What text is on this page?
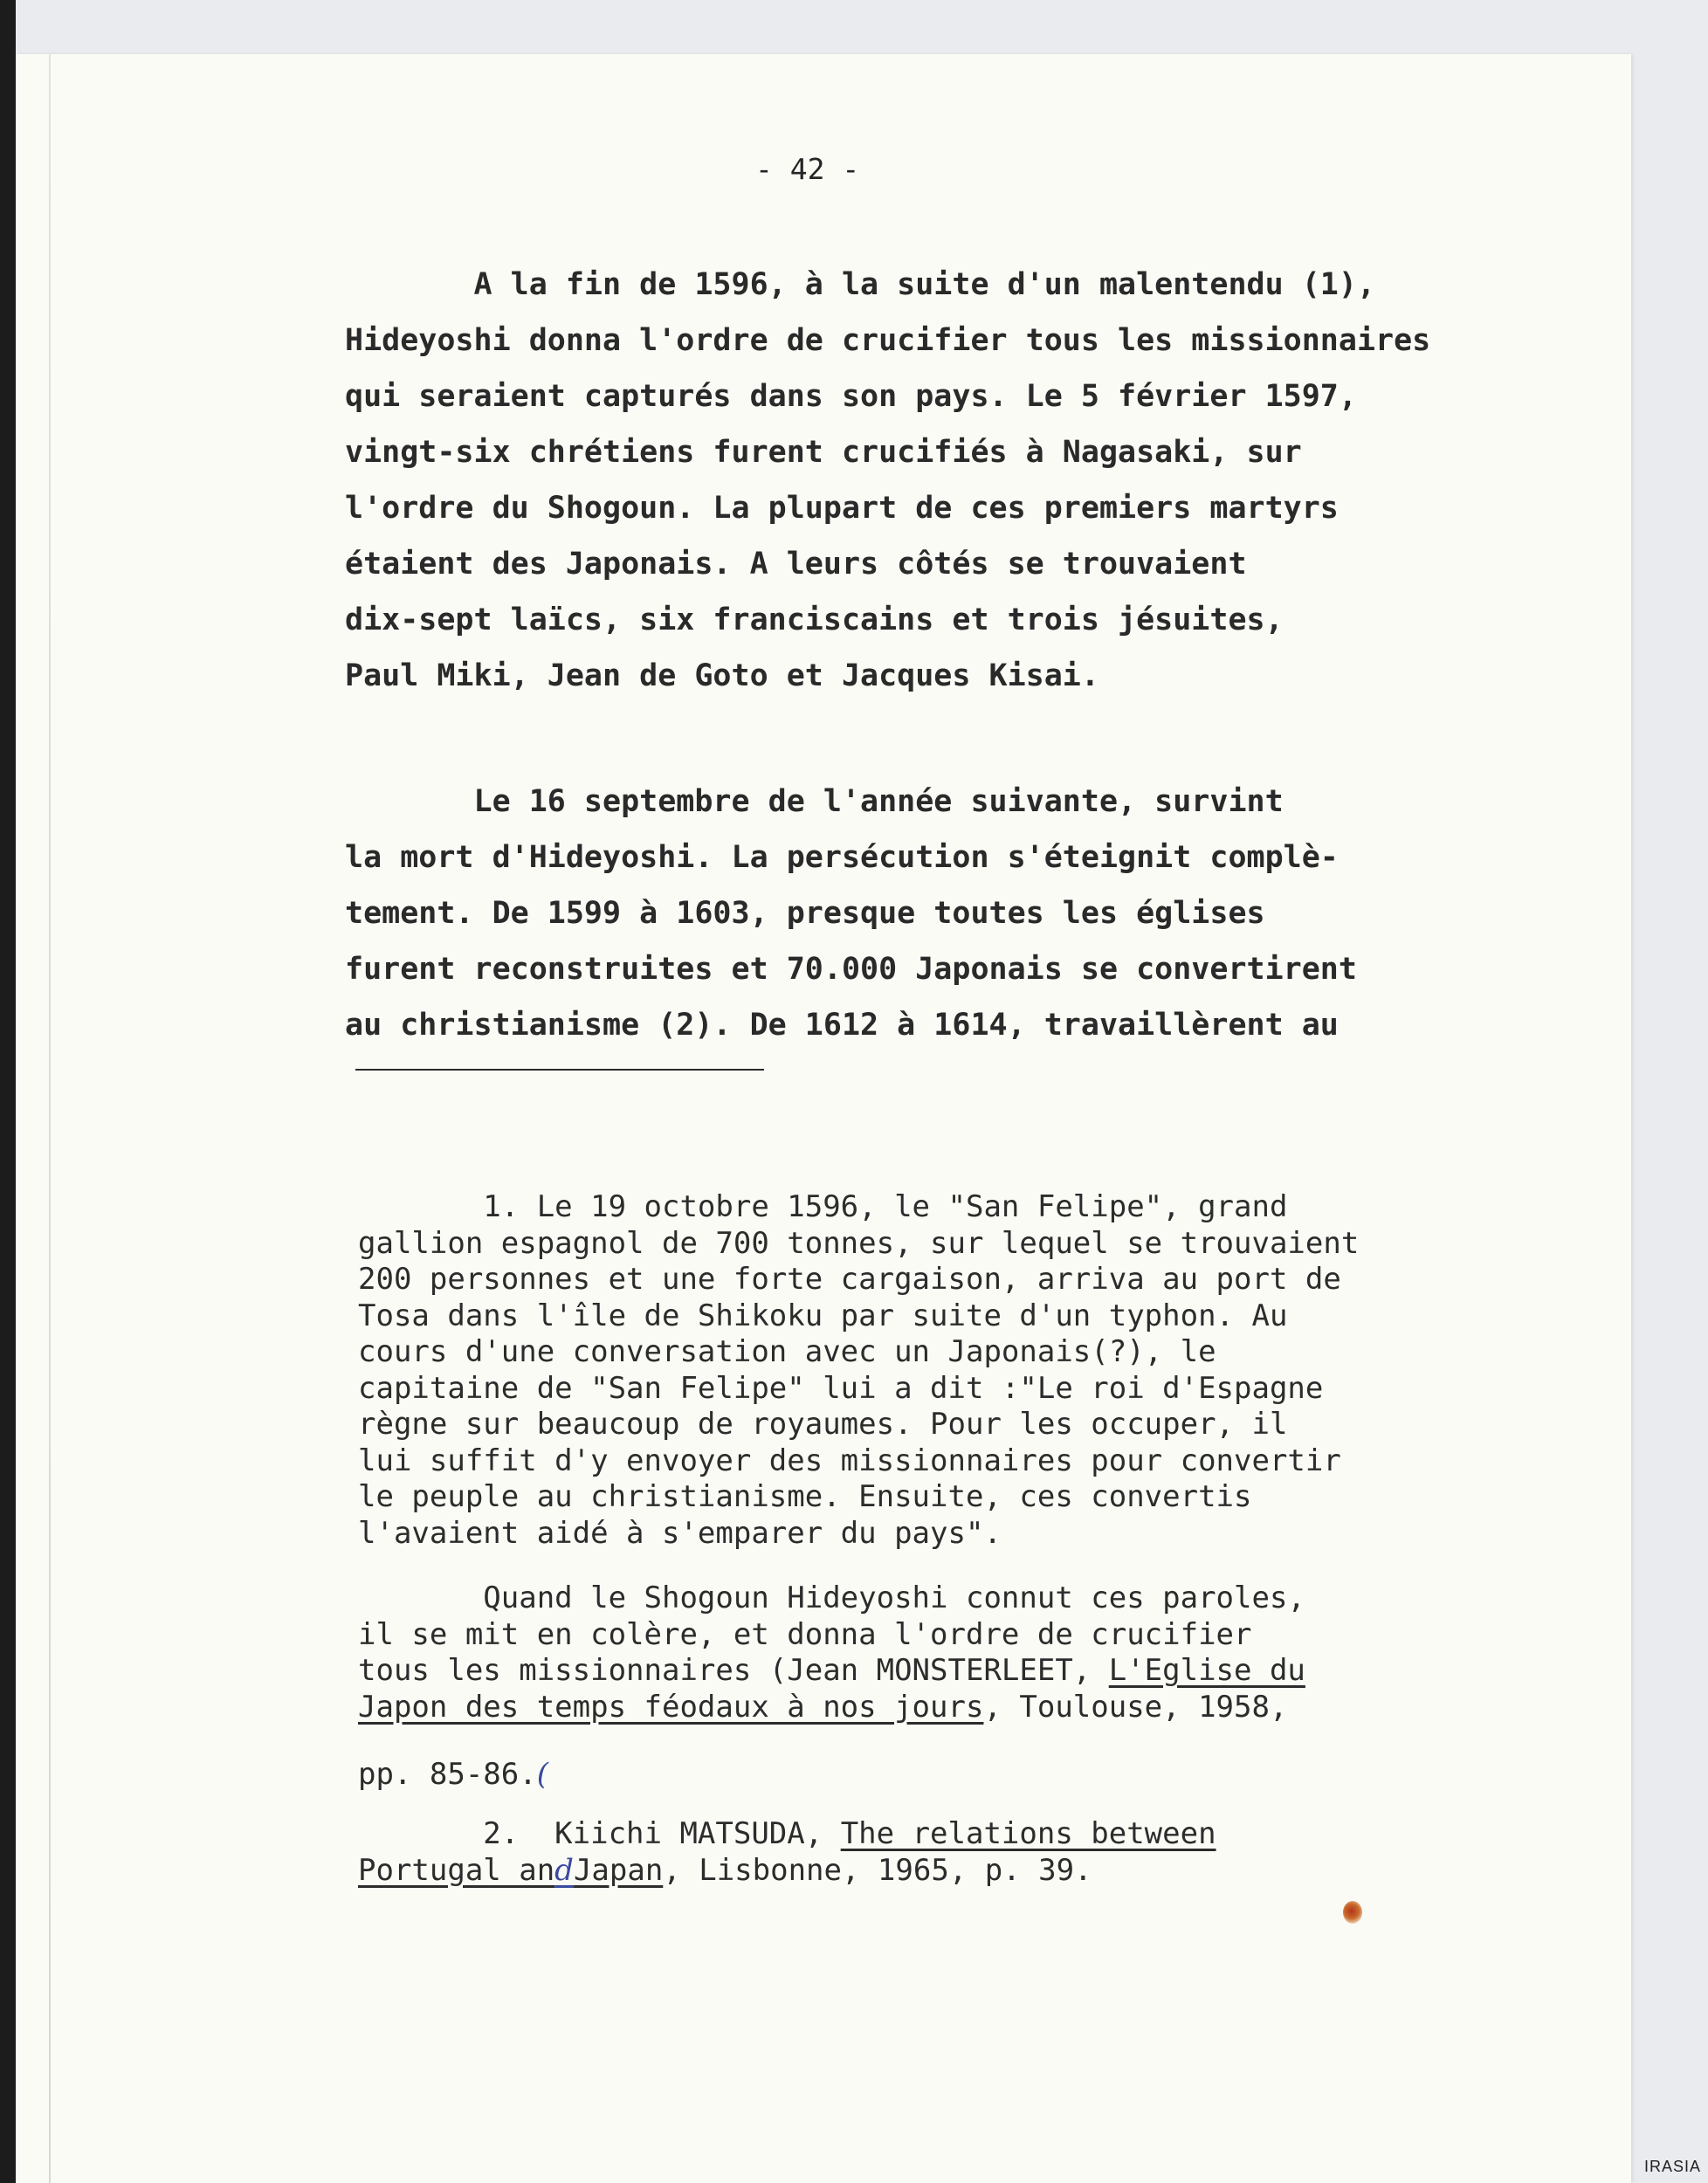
- 42 -

A la fin de 1596, à la suite d'un malentendu (1),
Hideyoshi donna l'ordre de crucifier tous les missionnaires
qui seraient capturés dans son pays. Le 5 février 1597,
vingt-six chrétiens furent crucifiés à Nagasaki, sur
l'ordre du Shogoun. La plupart de ces premiers martyrs
étaient des Japonais. A leurs côtés se trouvaient
dix-sept laïcs, six franciscains et trois jésuites,
Paul Miki, Jean de Goto et Jacques Kisai.

Le 16 septembre de l'année suivante, survint
la mort d'Hideyoshi. La persécution s'éteignit complè-
tement. De 1599 à 1603, presque toutes les églises
furent reconstruites et 70.000 Japonais se convertirent
au christianisme (2). De 1612 à 1614, travaillèrent au

1. Le 19 octobre 1596, le "San Felipe", grand
gallion espagnol de 700 tonnes, sur lequel se trouvaient
200 personnes et une forte cargaison, arriva au port de
Tosa dans l'île de Shikoku par suite d'un typhon. Au
cours d'une conversation avec un Japonais(?), le
capitaine de "San Felipe" lui a dit :"Le roi d'Espagne
règne sur beaucoup de royaumes. Pour les occuper, il
lui suffit d'y envoyer des missionnaires pour convertir
le peuple au christianisme. Ensuite, ces convertis
l'avaient aidé à s'emparer du pays".

Quand le Shogoun Hideyoshi connut ces paroles,
il se mit en colère, et donna l'ordre de crucifier
tous les missionnaires (Jean MONSTERLEET, L'Eglise du
Japon des temps féodaux à nos jours, Toulouse, 1958,

pp. 85-86.(

2.  Kiichi MATSUDA, The relations between
Portugal andJapan, Lisbonne, 1965, p. 39.

IRASIA
